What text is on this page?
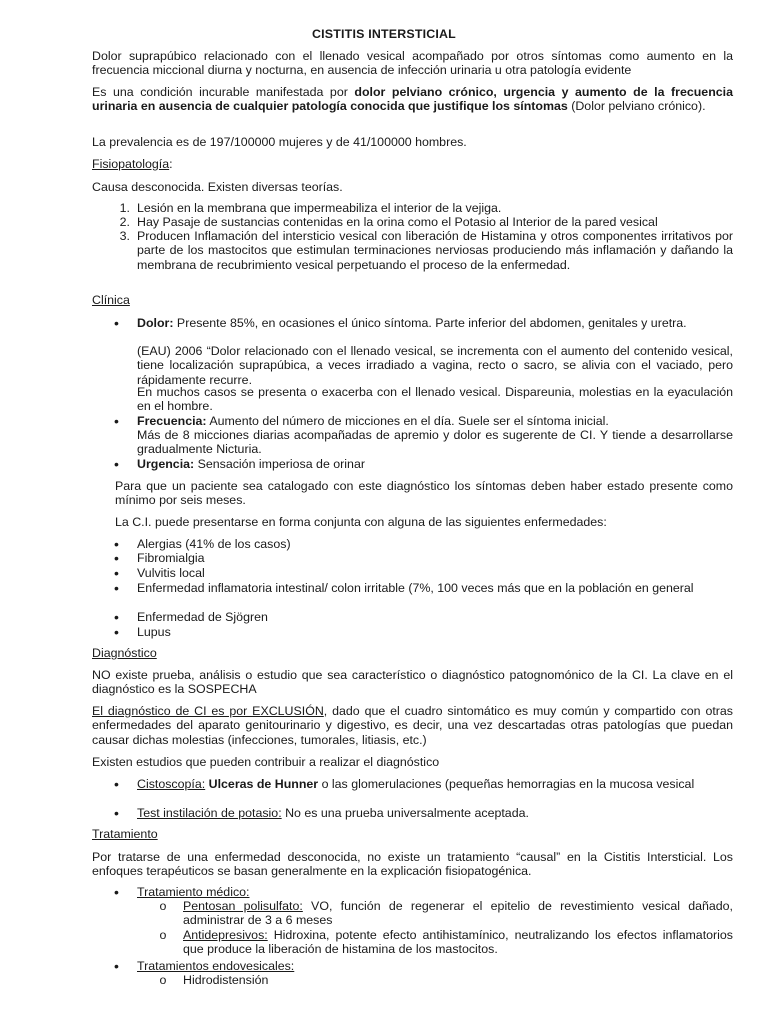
CISTITIS INTERSTICIAL
Dolor suprapúbico relacionado con el llenado vesical acompañado por otros síntomas como aumento en la frecuencia miccional diurna y nocturna, en ausencia de infección urinaria u otra patología evidente
Es una condición incurable manifestada por dolor pelviano crónico, urgencia y aumento de la frecuencia urinaria en ausencia de cualquier patología conocida que justifique los síntomas (Dolor pelviano crónico).
La prevalencia es de 197/100000 mujeres y de 41/100000 hombres.
Fisiopatología:
Causa desconocida. Existen diversas teorías.
1. Lesión en la membrana que impermeabiliza el interior de la vejiga.
2. Hay Pasaje de sustancias contenidas en la orina como el Potasio al Interior de la pared vesical
3. Producen Inflamación del intersticio vesical con liberación de Histamina y otros componentes irritativos por parte de los mastocitos que estimulan terminaciones nerviosas produciendo más inflamación y dañando la membrana de recubrimiento vesical perpetuando el proceso de la enfermedad.
Clínica
•	Dolor: Presente 85%, en ocasiones el único síntoma. Parte inferior del abdomen, genitales y uretra.
(EAU) 2006 “Dolor relacionado con el llenado vesical, se incrementa con el aumento del contenido vesical, tiene localización suprapúbica, a veces irradiado a vagina, recto o sacro, se alivia con el vaciado, pero rápidamente recurre.
En muchos casos se presenta o exacerba con el llenado vesical. Dispareunia, molestias en la eyaculación en el hombre.
•	Frecuencia: Aumento del número de micciones en el día. Suele ser el síntoma inicial.
Más de 8 micciones diarias acompañadas de apremio y dolor es sugerente de CI. Y tiende a desarrollarse gradualmente Nicturia.
•	Urgencia: Sensación imperiosa de orinar
Para que un paciente sea catalogado con este diagnóstico los síntomas deben haber estado presente como mínimo por seis meses.
La C.I. puede presentarse en forma conjunta con alguna de las siguientes enfermedades:
•	Alergias (41% de los casos)
•	Fibromialgia
•	Vulvitis local
•	Enfermedad inflamatoria intestinal/ colon irritable (7%, 100 veces más que en la población en general
•	Enfermedad de Sjögren
•	Lupus
Diagnóstico
NO existe prueba, análisis o estudio que sea característico o diagnóstico patognomónico de la CI. La clave en el diagnóstico es la SOSPECHA
El diagnóstico de CI es por EXCLUSIÓN, dado que el cuadro sintomático es muy común y compartido con otras enfermedades del aparato genitourinario y digestivo, es decir, una vez descartadas otras patologías que puedan causar dichas molestias (infecciones, tumorales, litiasis, etc.)
Existen estudios que pueden contribuir a realizar el diagnóstico
•	Cistoscopía: Ulceras de Hunner o las glomerulaciones (pequeñas hemorragias en la mucosa vesical
•	Test instilación de potasio: No es una prueba universalmente aceptada.
Tratamiento
Por tratarse de una enfermedad desconocida, no existe un tratamiento “causal” en la Cistitis Intersticial. Los enfoques terapéuticos se basan generalmente en la explicación fisiopatogénica.
•	Tratamiento médico:
o Pentosan polisulfato: VO, función de regenerar el epitelio de revestimiento vesical dañado, administrar de 3 a 6 meses
o Antidepresivos: Hidroxina, potente efecto antihistamínico, neutralizando los efectos inflamatorios que produce la liberación de histamina de los mastocitos.
•	Tratamientos endovesicales:
o Hidrodistensión
